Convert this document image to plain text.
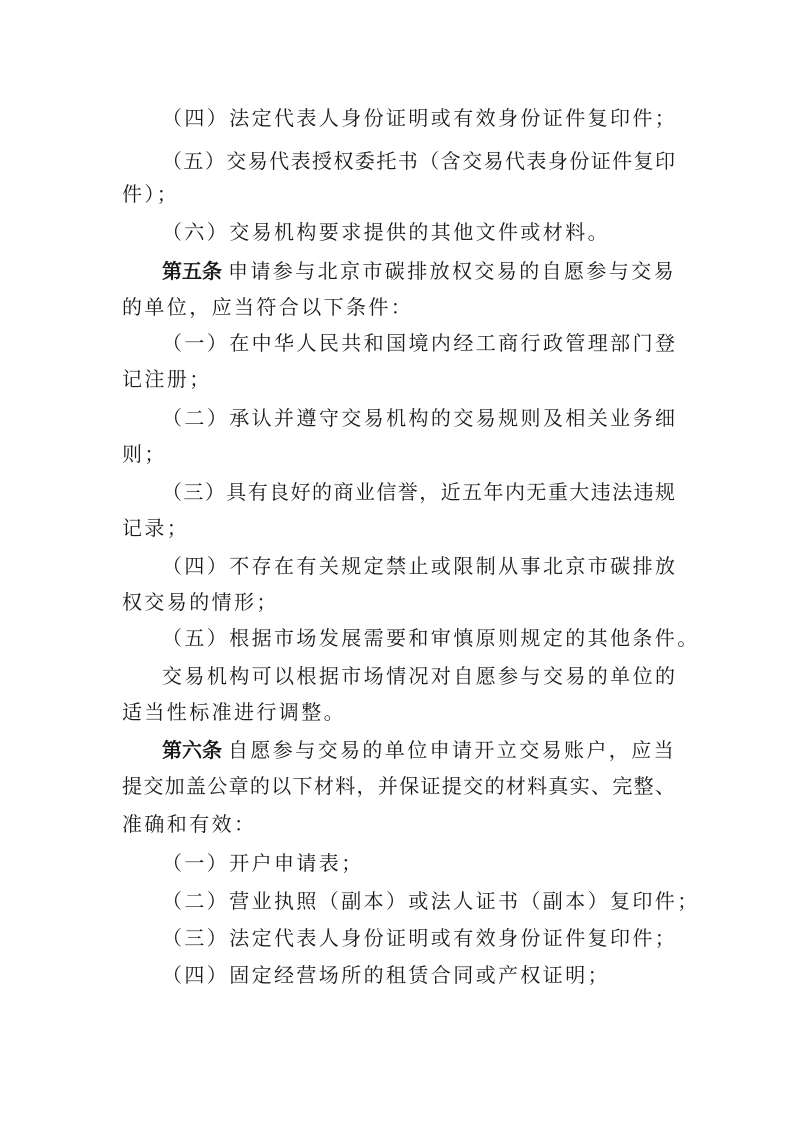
（四）法定代表人身份证明或有效身份证件复印件；
（五）交易代表授权委托书（含交易代表身份证件复印
件）；
（六）交易机构要求提供的其他文件或材料。
第五条 申请参与北京市碳排放权交易的自愿参与交易
的单位，应当符合以下条件：
（一）在中华人民共和国境内经工商行政管理部门登
记注册；
（二）承认并遵守交易机构的交易规则及相关业务细
则；
（三）具有良好的商业信誉，近五年内无重大违法违规
记录；
（四）不存在有关规定禁止或限制从事北京市碳排放
权交易的情形；
（五）根据市场发展需要和审慎原则规定的其他条件。
交易机构可以根据市场情况对自愿参与交易的单位的
适当性标准进行调整。
第六条 自愿参与交易的单位申请开立交易账户，应当
提交加盖公章的以下材料，并保证提交的材料真实、完整、
准确和有效：
（一）开户申请表；
（二）营业执照（副本）或法人证书（副本）复印件；
（三）法定代表人身份证明或有效身份证件复印件；
（四）固定经营场所的租赁合同或产权证明；
